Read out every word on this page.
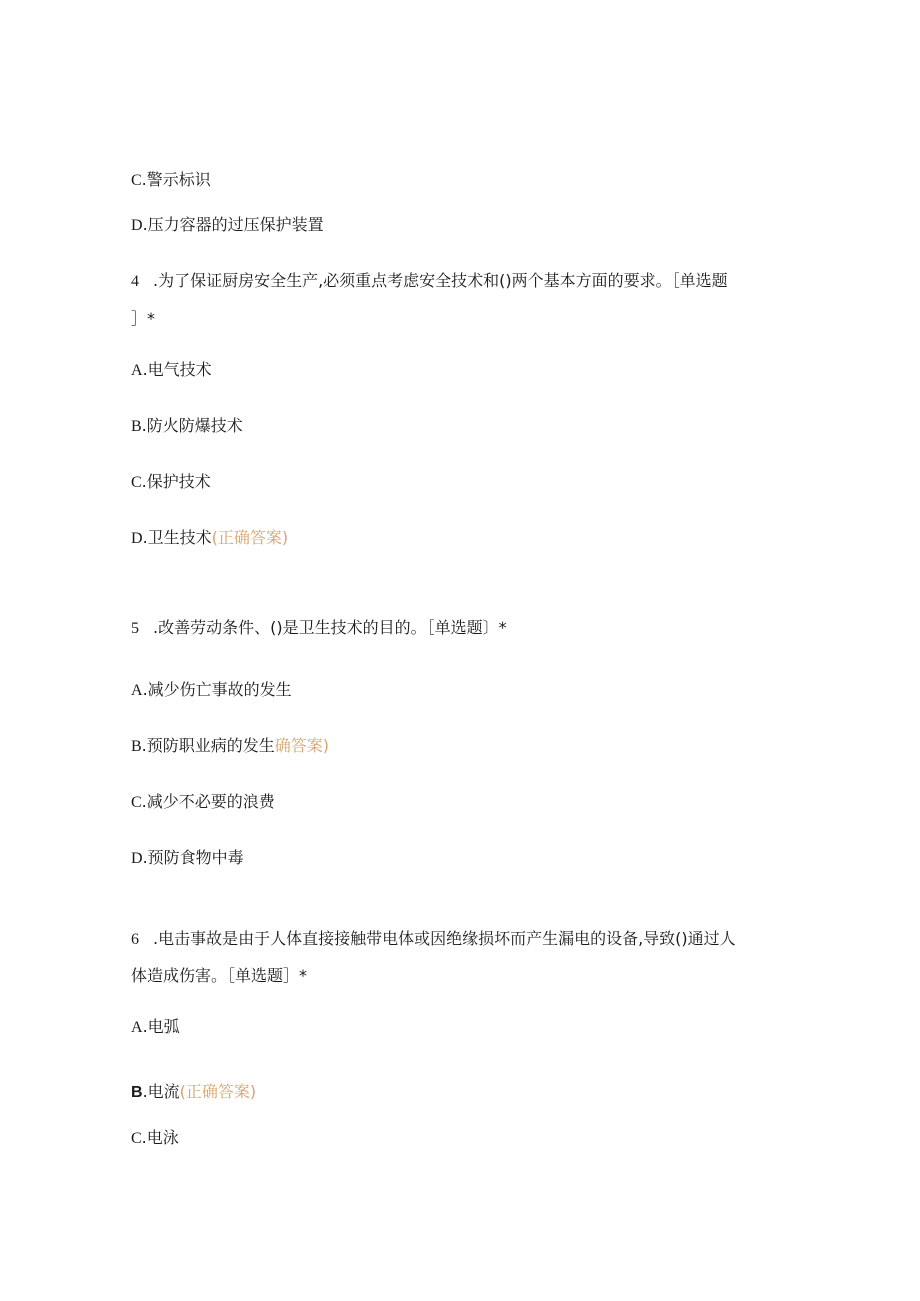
C.警示标识
D.压力容器的过压保护装置
4 .为了保证厨房安全生产,必须重点考虑安全技术和()两个基本方面的要求。［单选题
］*
A.电气技术
B.防火防爆技术
C.保护技术
D.卫生技术(正确答案)
5 .改善劳动条件、()是卫生技术的目的。［单选题〕*
A.减少伤亡事故的发生
B.预防职业病的发生确答案)
C.减少不必要的浪费
D.预防食物中毒
6 .电击事故是由于人体直接接触带电体或因绝缘损坏而产生漏电的设备,导致()通过人
体造成伤害。［单选题］*
A.电弧
B.电流(正确答案)
C.电泳
